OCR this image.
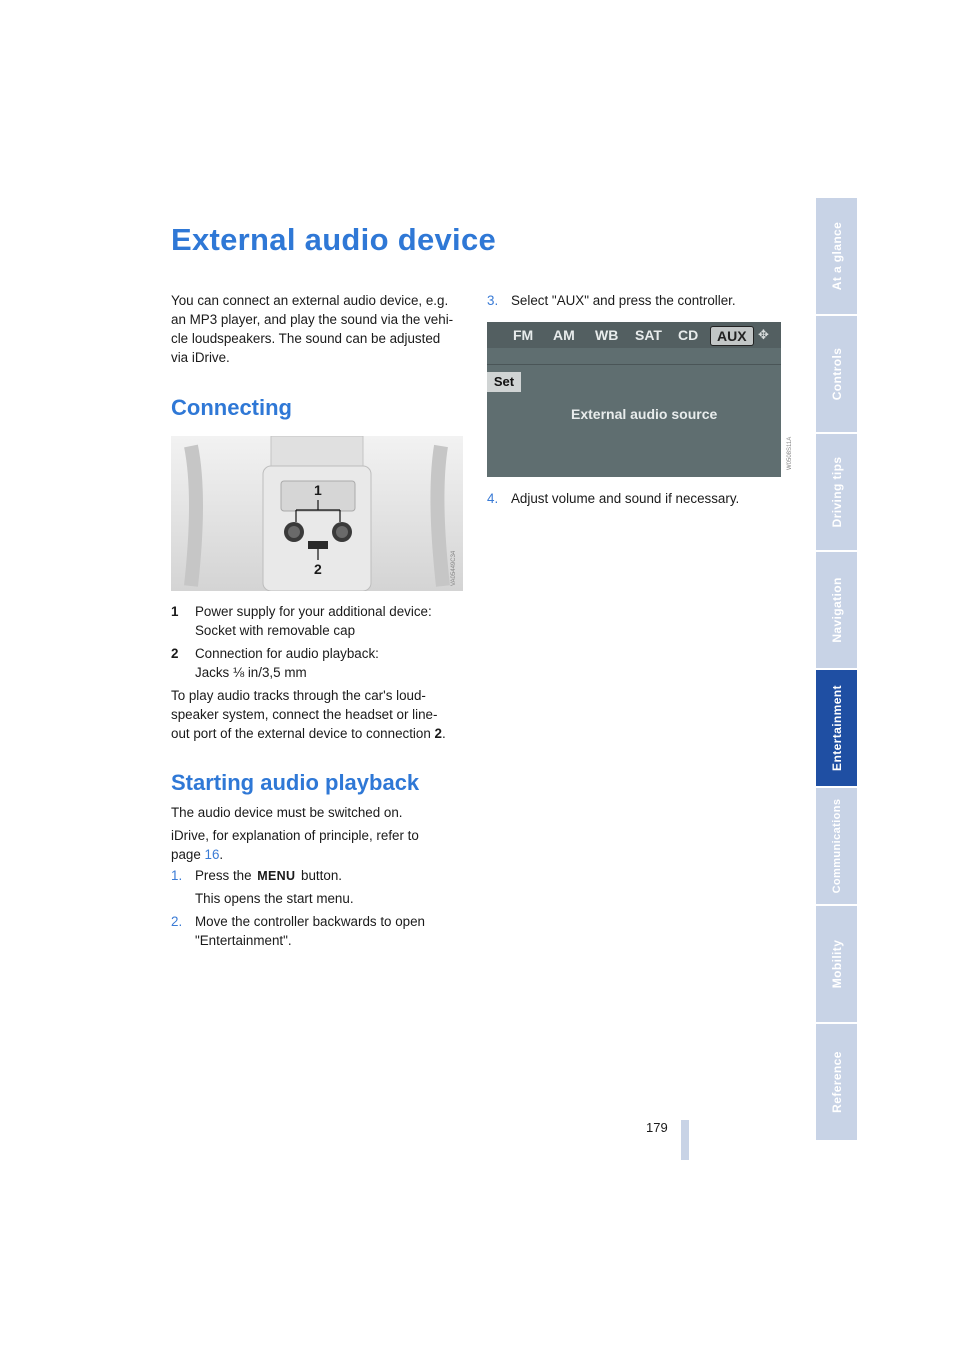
External audio device

You can connect an external audio device, e.g.

an MP3 player, and play the sound via the vehi-

cle loudspeakers. The sound can be adjusted

via iDrive.

Connecting
1
2	VA05449C34
1 Power supply for your additional device:
Socket with removable cap
2 Connection for audio playback:
Jacks ⅛ in/3,5 mm

To play audio tracks through the car's loud-

speaker system, connect the headset or line-

out port of the external device to connection 2.

Starting audio playback

The audio device must be switched on.

iDrive, for explanation of principle, refer to

page 16.

1. Press the MENU button.
This opens the start menu.
2. Move the controller backwards to open
"Entertainment".
3. Select "AUX" and press the controller.
FM AM WB SAT CD	AUX ✥
Set
External audio source
W0508S11A
4. Adjust volume and sound if necessary.
At a glance
Controls
Driving tips
Navigation
Entertainment
Communications
Mobility
Reference
179
